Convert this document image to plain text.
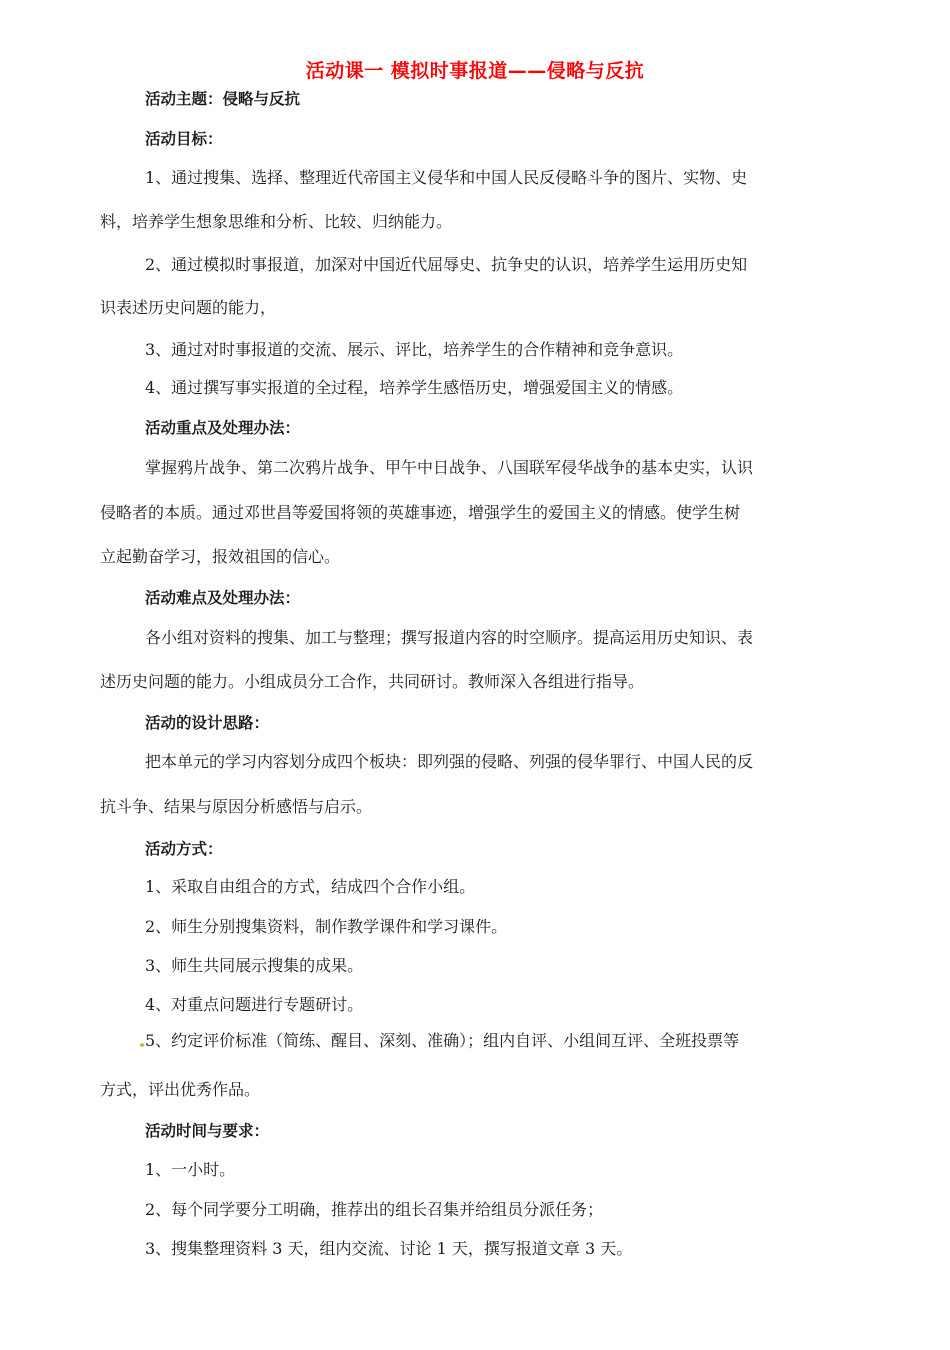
活动课一 模拟时事报道——侵略与反抗
活动主题：侵略与反抗
活动目标：
1、通过搜集、选择、整理近代帝国主义侵华和中国人民反侵略斗争的图片、实物、史
料，培养学生想象思维和分析、比较、归纳能力。
2、通过模拟时事报道，加深对中国近代屈辱史、抗争史的认识，培养学生运用历史知
识表述历史问题的能力，
3、通过对时事报道的交流、展示、评比，培养学生的合作精神和竞争意识。
4、通过撰写事实报道的全过程，培养学生感悟历史，增强爱国主义的情感。
活动重点及处理办法：
掌握鸦片战争、第二次鸦片战争、甲午中日战争、八国联军侵华战争的基本史实，认识
侵略者的本质。通过邓世昌等爱国将领的英雄事迹，增强学生的爱国主义的情感。使学生树
立起勤奋学习，报效祖国的信心。
活动难点及处理办法：
各小组对资料的搜集、加工与整理；撰写报道内容的时空顺序。提高运用历史知识、表
述历史问题的能力。小组成员分工合作，共同研讨。教师深入各组进行指导。
活动的设计思路：
把本单元的学习内容划分成四个板块：即列强的侵略、列强的侵华罪行、中国人民的反
抗斗争、结果与原因分析感悟与启示。
活动方式：
1、采取自由组合的方式，结成四个合作小组。
2、师生分别搜集资料，制作教学课件和学习课件。
3、师生共同展示搜集的成果。
4、对重点问题进行专题研讨。
5、约定评价标准（简练、醒目、深刻、准确）；组内自评、小组间互评、全班投票等
方式，评出优秀作品。
活动时间与要求：
1、一小时。
2、每个同学要分工明确，推荐出的组长召集并给组员分派任务；
3、搜集整理资料 3 天，组内交流、讨论 1 天，撰写报道文章 3 天。
